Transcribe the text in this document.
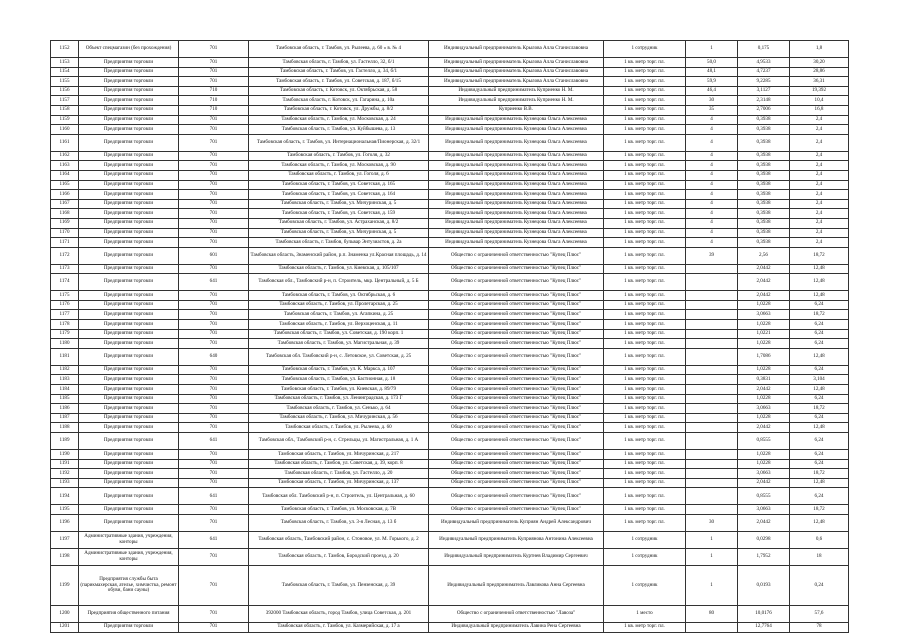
1152	Объект спецмагазин (без прохождения)	701	Тамбовская область, г. Тамбов, ул. Рылеева, д. 60 « в. № 4	Индивидуальный предприниматель Крылова Алла Станиславовна	1 сотрудник	1	0,175	1,8
1153	Предприятия торговли	701	Тамбовская область, г. Тамбов, ул. Гастелло, 32, б/1	Индивидуальный предприниматель Крылова Алла Станиславовна	1 кв. метр торг. пл.	50,0	4,9533	30,20
1154	Предприятия торговли	701	Тамбовская область, г. Тамбов, ул. Гастелло, д. 34, б/1	Индивидуальный предприниматель Крылова Алла Станиславовна	1 кв. метр торг. пл.	48,1	4,7237	28,86
1155	Предприятия торговли	701	Тамбовская область, г. Тамбов, ул. Советская, д. 187, б/15	Индивидуальный предприниматель Крылова Алла Станиславовна	1 кв. метр торг. пл.	59,9	9,2285	36,31
1156	Предприятия торговли	710	Тамбовская область, г. Котовск, ул. Октябрьская, д. 58	Индивидуальный предприниматель Куприенко Н. М.	1 кв. метр торг. пл.	46,4	3,1127	19,392
1157	Предприятия торговли	710	Тамбовская область, г. Котовск, ул. Гагарина, д. 10а	Индивидуальный предприниматель Куприенко Н. М.	1 кв. метр торг. пл.	30	2,3148	10,4
1158	Предприятия торговли	710	Тамбовская область, г. Котовск, ул. Дружбы, д. 8/2	Куприенко В.В.	1 кв. метр торг. пл.	35	2,7006	16,8
1159	Предприятия торговли	701	Тамбовская область, г. Тамбов, ул. Московская, д. 24	Индивидуальный предприниматель Кузнецова Ольга Алексеевна	1 кв. метр торг. пл.	4	0,3938	2,4
1160	Предприятия торговли	701	Тамбовская область, г. Тамбов, ул. Куйбышева, д. 13	Индивидуальный предприниматель Кузнецова Ольга Алексеевна	1 кв. метр торг. пл.	4	0,3938	2,4
1161	Предприятия торговли	701	Тамбовская область, г. Тамбов, ул. Интернациональная/Пионерская, д. 32/1	Индивидуальный предприниматель Кузнецова Ольга Алексеевна	1 кв. метр торг. пл.	4	0,3938	2,4
1162	Предприятия торговли	701	Тамбовская область, г. Тамбов, ул. Гоголя, д. 32	Индивидуальный предприниматель Кузнецова Ольга Алексеевна	1 кв. метр торг. пл.	4	0,3938	2,4
1163	Предприятия торговли	701	Тамбовская область, г. Тамбов, ул. Московская, д. 90	Индивидуальный предприниматель Кузнецова Ольга Алексеевна	1 кв. метр торг. пл.	4	0,3938	2,4
1164	Предприятия торговли	701	Тамбовская область, г. Тамбов, ул. Гоголя, д. 6	Индивидуальный предприниматель Кузнецова Ольга Алексеевна	1 кв. метр торг. пл.	4	0,3938	2,4
1165	Предприятия торговли	701	Тамбовская область, г. Тамбов, ул. Советская, д. 165	Индивидуальный предприниматель Кузнецова Ольга Алексеевна	1 кв. метр торг. пл.	4	0,3938	2,4
1166	Предприятия торговли	701	Тамбовская область, г. Тамбов, ул. Советская, д. 164	Индивидуальный предприниматель Кузнецова Ольга Алексеевна	1 кв. метр торг. пл.	4	0,3938	2,4
1167	Предприятия торговли	701	Тамбовская область, г. Тамбов, ул. Мичуринская, д. 5	Индивидуальный предприниматель Кузнецова Ольга Алексеевна	1 кв. метр торг. пл.	4	0,3938	2,4
1168	Предприятия торговли	701	Тамбовская область, г. Тамбов, ул. Советская, д. 159	Индивидуальный предприниматель Кузнецова Ольга Алексеевна	1 кв. метр торг. пл.	4	0,3938	2,4
1169	Предприятия торговли	701	Тамбовская область, г. Тамбов, ул. Астраханская, д. 8/2	Индивидуальный предприниматель Кузнецова Ольга Алексеевна	1 кв. метр торг. пл.	4	0,3938	2,4
1170	Предприятия торговли	701	Тамбовская область, г. Тамбов, ул. Мичуринская, д. 5	Индивидуальный предприниматель Кузнецова Ольга Алексеевна	1 кв. метр торг. пл.	4	0,3938	2,4
1171	Предприятия торговли	701	Тамбовская область, г. Тамбов, бульвар Энтузиастов, д. 2а	Индивидуальный предприниматель Кузнецова Ольга Алексеевна	1 кв. метр торг. пл.	4	0,3938	2,4
1172	Предприятия торговли	601	Тамбовская область, Знаменский район, р.п. Знаменка ул.Красная площадь, д. 14	Общество с ограниченной ответственностью "Купец Плюс"	1 кв. метр торг. пл.	39	2,56	18,72
1173	Предприятия торговли	701	Тамбовская область, г. Тамбов, ул. Киевская, д. 105/107	Общество с ограниченной ответственностью "Купец Плюс"	1 кв. метр торг. пл.		2,0442	12,48
1174	Предприятия торговли	641	Тамбовская обл., Тамбовский р-н, п. Строитель, мкр. Центральный, д. 5 Б	Общество с ограниченной ответственностью "Купец Плюс"	1 кв. метр торг. пл.		2,0442	12,48
1175	Предприятия торговли	701	Тамбовская область, г. Тамбов, ул. Октябрьская, д. 6	Общество с ограниченной ответственностью "Купец Плюс"	1 кв. метр торг. пл.		2,0442	12,48
1176	Предприятия торговли	701	Тамбовская область, г. Тамбов, ул. Пролетарская, д. 25	Общество с ограниченной ответственностью "Купец Плюс"	1 кв. метр торг. пл.		1,0228	6,24
1177	Предприятия торговли	701	Тамбовская область, г. Тамбов, ул. Агапкина, д. 25	Общество с ограниченной ответственностью "Купец Плюс"	1 кв. метр торг. пл.		3,0663	18,72
1178	Предприятия торговли	701	Тамбовская область, г. Тамбов, ул. Верхоценская, д. 11	Общество с ограниченной ответственностью "Купец Плюс"	1 кв. метр торг. пл.		1,0228	6,24
1179	Предприятия торговли	701	Тамбовская область, г. Тамбов, ул. Советская, д. 190 корп. 1	Общество с ограниченной ответственностью "Купец Плюс"	1 кв. метр торг. пл.		1,0221	6,24
1180	Предприятия торговли	701	Тамбовская область, г. Тамбов, ул. Магистральная, д. 39	Общество с ограниченной ответственностью "Купец Плюс"	1 кв. метр торг. пл.		1,0228	6,24
1181	Предприятия торговли	640	Тамбовская обл. Тамбовский р-н, с. Летовское, ул. Советская, д. 25	Общество с ограниченной ответственностью "Купец Плюс"	1 кв. метр торг. пл.		1,7086	12,48
1182	Предприятия торговли	701	Тамбовская область, г. Тамбов, ул. К. Маркса, д. 107	Общество с ограниченной ответственностью "Купец Плюс"	1 кв. метр торг. пл.		1,0228	6,24
1183	Предприятия торговли	701	Тамбовская область, г. Тамбов, ул. Бастионная, д. 18	Общество с ограниченной ответственностью "Купец Плюс"	1 кв. метр торг. пл.		0,3831	3,104
1184	Предприятия торговли	701	Тамбовская область, г. Тамбов, ул. Киевская, д. 89/79	Общество с ограниченной ответственностью "Купец Плюс"	1 кв. метр торг. пл.		2,0442	12,48
1185	Предприятия торговли	701	Тамбовская область, г. Тамбов, ул. Ленинградская, д. 173 Г	Общество с ограниченной ответственностью "Купец Плюс"	1 кв. метр торг. пл.		1,0228	6,24
1186	Предприятия торговли	701	Тамбовская область, г. Тамбов, ул. Сенько, д. 64	Общество с ограниченной ответственностью "Купец Плюс"	1 кв. метр торг. пл.		3,0663	18,72
1187	Предприятия торговли	701	Тамбовская область, г. Тамбов, ул. Мичуринская, д. 56	Общество с ограниченной ответственностью "Купец Плюс"	1 кв. метр торг. пл.		1,0228	6,24
1188	Предприятия торговли	701	Тамбовская область, г. Тамбов, ул. Рылеева, д. 60	Общество с ограниченной ответственностью "Купец Плюс"	1 кв. метр торг. пл.		2,0442	12,48
1189	Предприятия торговли	641	Тамбовская обл., Тамбовский р-н, с. Стрельцы, ул. Магистральная, д. 1 А	Общество с ограниченной ответственностью "Купец Плюс"	1 кв. метр торг. пл.		0,8555	6,24
1190	Предприятия торговли	701	Тамбовская область, г. Тамбов, ул. Мичуринская, д. 217	Общество с ограниченной ответственностью "Купец Плюс"	1 кв. метр торг. пл.		1,0228	6,24
1191	Предприятия торговли	701	Тамбовская область, г. Тамбов, ул. Советская, д. 39, корп. 8	Общество с ограниченной ответственностью "Купец Плюс"	1 кв. метр торг. пл.		1,0228	6,24
1192	Предприятия торговли	701	Тамбовская область, г. Тамбов, ул. Гастелло, д. 20	Общество с ограниченной ответственностью "Купец Плюс"	1 кв. метр торг. пл.		3,0663	18,72
1193	Предприятия торговли	701	Тамбовская область, г. Тамбов, ул. Мичуринская, д. 137	Общество с ограниченной ответственностью "Купец Плюс"	1 кв. метр торг. пл.		2,0442	12,48
1194	Предприятия торговли	641	Тамбовская обл. Тамбовский р-н, п. Строитель, ул. Центральная, д. 60	Общество с ограниченной ответственностью "Купец Плюс"	1 кв. метр торг. пл.		0,8555	6,24
1195	Предприятия торговли	701	Тамбовская область, г. Тамбов, ул. Московская, д. 7В	Общество с ограниченной ответственностью "Купец Плюс"	1 кв. метр торг. пл.		3,0663	18,72
1196	Предприятия торговли	701	Тамбовская область, г. Тамбов, ул. 3-я Лесная, д. 13 б	Индивидуальный предприниматель Куприян Андрей Александрович	1 кв. метр торг. пл.	30	2,0442	12,48
1197	Административные здания, учреждения, конторы	641	Тамбовская область, Тамбовский район, с. Стоновое, ул. М. Горького, д. 2	Индивидуальный предприниматель Куприянова Антонина Алексеевна	1 сотрудник	1	0,0298	0,6
1198	Административные здания, учреждения, конторы	701	Тамбовская область, г. Тамбов, Бородский проезд, д. 20	Индивидуальный предприниматель Куртнев Владимир Сергеевич	1 сотрудник	1	1,7952	18
1199	Предприятия службы быта (парикмахерская, ателье, химчистка, ремонт обуви, бани сауны)	701	Тамбовская область, г. Тамбов, ул. Пензенская, д. 39	Индивидуальный предприниматель Лавликова Анна Сергеевна	1 сотрудник	1	0,0193	0,24
1200	Предприятия общественного питания	701	392000 Тамбовская область, город Тамбов, улица Советская, д. 201	Общество с ограниченной ответственностью "Лавоза"	1 место	80	10,0176	57,6
1201	Предприятия торговли	701	Тамбовская область, г. Тамбов, ул. Казмерийская, д. 17 а	Индивидуальный предприниматель Лавина Рена Сергеевна	1 кв. метр торг. пл.		12,7764	78
